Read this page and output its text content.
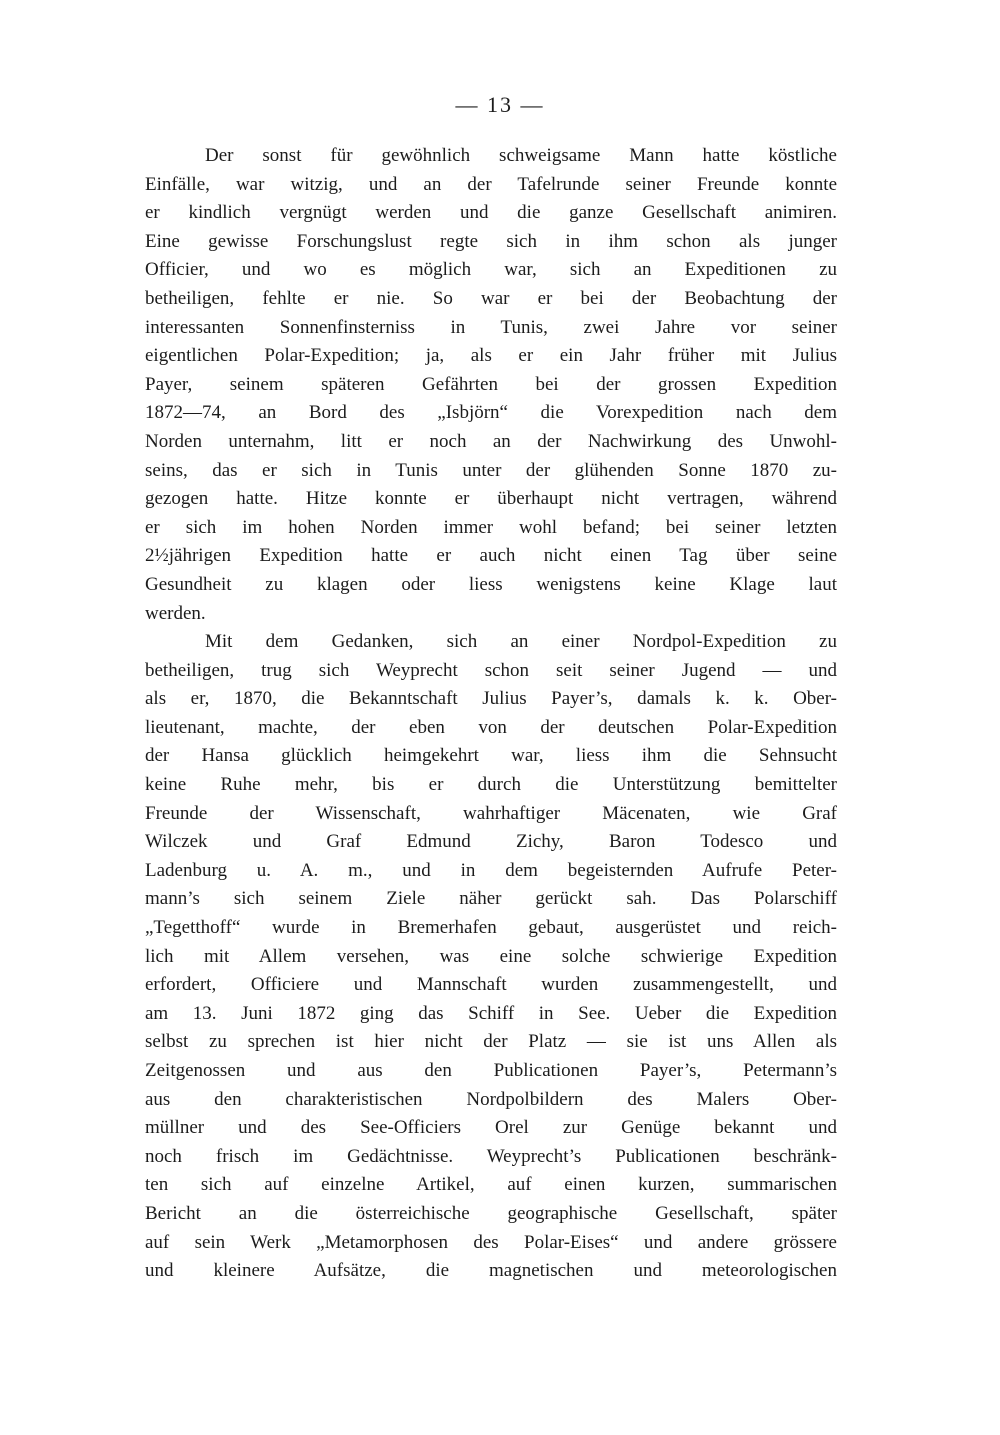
— 13 —
Der sonst für gewöhnlich schweigsame Mann hatte köstliche
Einfälle, war witzig, und an der Tafelrunde seiner Freunde konnte
er kindlich vergnügt werden und die ganze Gesellschaft animiren.
Eine gewisse Forschungslust regte sich in ihm schon als junger
Officier, und wo es möglich war, sich an Expeditionen zu
betheiligen, fehlte er nie. So war er bei der Beobachtung der
interessanten Sonnenfinsterniss in Tunis, zwei Jahre vor seiner
eigentlichen Polar-Expedition; ja, als er ein Jahr früher mit Julius
Payer, seinem späteren Gefährten bei der grossen Expedition
1872—74, an Bord des „Isbjörn“ die Vorexpedition nach dem
Norden unternahm, litt er noch an der Nachwirkung des Unwohl-
seins, das er sich in Tunis unter der glühenden Sonne 1870 zu-
gezogen hatte. Hitze konnte er überhaupt nicht vertragen, während
er sich im hohen Norden immer wohl befand; bei seiner letzten
2½jährigen Expedition hatte er auch nicht einen Tag über seine
Gesundheit zu klagen oder liess wenigstens keine Klage laut
werden.
Mit dem Gedanken, sich an einer Nordpol-Expedition zu
betheiligen, trug sich Weyprecht schon seit seiner Jugend — und
als er, 1870, die Bekanntschaft Julius Payer’s, damals k. k. Ober-
lieutenant, machte, der eben von der deutschen Polar-Expedition
der Hansa glücklich heimgekehrt war, liess ihm die Sehnsucht
keine Ruhe mehr, bis er durch die Unterstützung bemittelter
Freunde der Wissenschaft, wahrhaftiger Mäcenaten, wie Graf
Wilczek und Graf Edmund Zichy, Baron Todesco und
Ladenburg u. A. m., und in dem begeisternden Aufrufe Peter-
mann’s sich seinem Ziele näher gerückt sah. Das Polarschiff
„Tegetthoff“ wurde in Bremerhafen gebaut, ausgerüstet und reich-
lich mit Allem versehen, was eine solche schwierige Expedition
erfordert, Officiere und Mannschaft wurden zusammengestellt, und
am 13. Juni 1872 ging das Schiff in See. Ueber die Expedition
selbst zu sprechen ist hier nicht der Platz — sie ist uns Allen als
Zeitgenossen und aus den Publicationen Payer’s, Petermann’s
aus den charakteristischen Nordpolbildern des Malers Ober-
müllner und des See-Officiers Orel zur Genüge bekannt und
noch frisch im Gedächtnisse. Weyprecht’s Publicationen beschränk-
ten sich auf einzelne Artikel, auf einen kurzen, summarischen
Bericht an die österreichische geographische Gesellschaft, später
auf sein Werk „Metamorphosen des Polar-Eises“ und andere grössere
und kleinere Aufsätze, die magnetischen und meteorologischen
